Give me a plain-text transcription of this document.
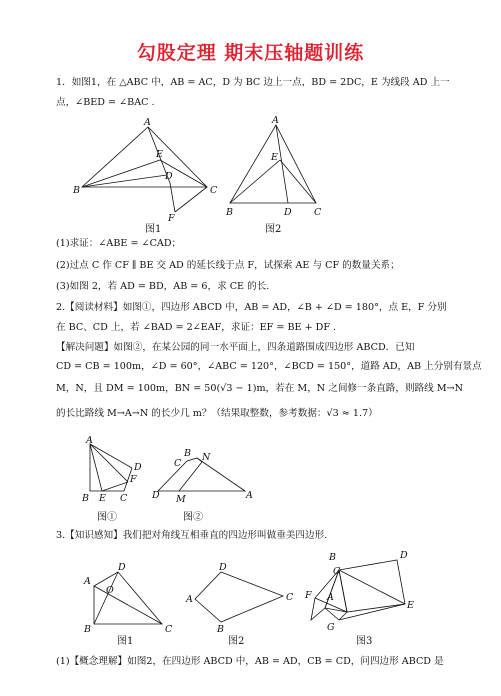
勾股定理 期末压轴题训练
1．如图1，在 △ABC 中，AB = AC，D 为 BC 边上一点，BD = 2DC，E 为线段 AD 上一
点，∠BED = ∠BAC .
A
B	C
E
D
F
图1
A
E
B	D C
图2
(1)求证：∠ABE = ∠CAD；
(2)过点 C 作 CF ∥ BE 交 AD 的延长线于点 F，试探索 AE 与 CF 的数量关系；
(3)如图 2，若 AD = BD，AB = 6，求 CE 的长.
2.【阅读材料】如图①，四边形 ABCD 中，AB = AD，∠B + ∠D = 180°，点 E，F 分别
在 BC、CD 上，若 ∠BAD = 2∠EAF，求证：EF = BE + DF .
【解决问题】如图②，在某公园的同一水平面上，四条道路围成四边形 ABCD．已知
CD = CB = 100m，∠D = 60°，∠ABC = 120°，∠BCD = 150°，道路 AD，AB 上分别有景点
M，N，且 DM = 100m，BN = 50(√3 − 1)m，若在 M，N 之间修一条直路，则路线 M→N
的长比路线 M→A→N 的长少几 m？（结果取整数，参考数据：√3 ≈ 1.7）
A
D
F
B E C
图①
B
C
N
D M	A
图②
3.【知识感知】我们把对角线互相垂直的四边形叫做垂美四边形.
D
A
O
B	C
图1
D
A	C
B
图2
D
C
B
F A
E
G
图3
(1)【概念理解】如图2，在四边形 ABCD 中，AB = AD，CB = CD，问四边形 ABCD 是
